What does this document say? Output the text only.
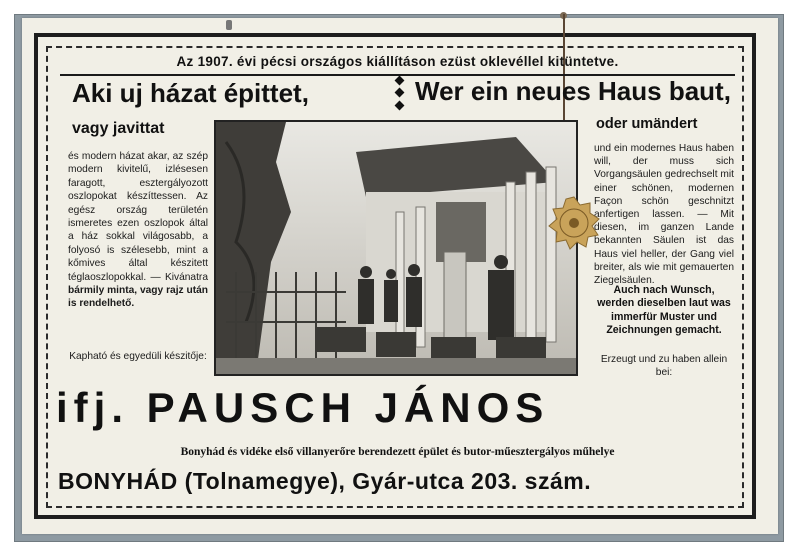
Az 1907. évi pécsi országos kiállításon ezüst oklevéllel kitüntetve.
Aki uj házat épittet,	Wer ein neues Haus baut,
vagy javittat	oder umändert
és modern házat akar, az szép modern kivitelű, izlésesen faragott, esztergályozott oszlopokat készíttessen. Az egész ország területén ismeretes ezen oszlopok által a ház sokkal világosabb, a folyosó is szélesebb, mint a kőmives által készitett téglaoszlopokkal. — Kivánatra bármily minta, vagy rajz után is rendelhető.
Kapható és egyedüli készitője:
und ein modernes Haus haben will, der muss sich Vorgangsäulen gedrechselt mit einer schönen, modernen Façon schön geschnitzt anfertigen lassen. — Mit diesen, im ganzen Lande bekannten Säulen ist das Haus viel heller, der Gang viel breiter, als wie mit gemauerten Ziegelsäulen.
Auch nach Wunsch, werden dieselben laut was immerfür Muster und Zeichnungen gemacht.
Erzeugt und zu haben allein bei:
ifj. PAUSCH JÁNOS
Bonyhád és vidéke első villanyerőre berendezett épület és butor-műesztergályos műhelye
BONYHÁD (Tolnamegye), Gyár-utca 203. szám.
